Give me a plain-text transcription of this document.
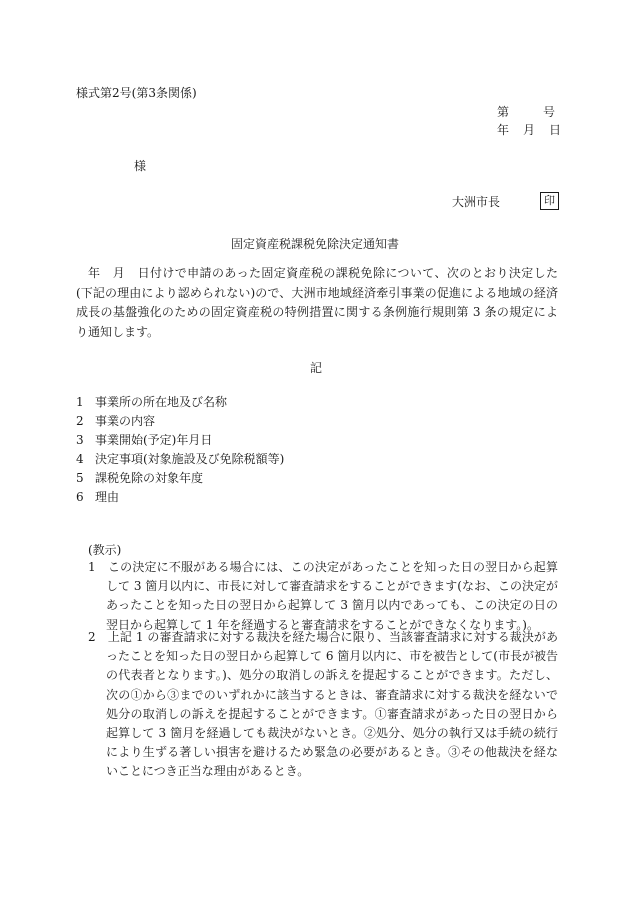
様式第2号(第3条関係)
第	号
年 月 日
様
大洲市長	印
固定資産税課税免除決定通知書
年　月　日付けで申請のあった固定資産税の課税免除について、次のとおり決定した(下記の理由により認められない)ので、大洲市地域経済牽引事業の促進による地域の経済成長の基盤強化のための固定資産税の特例措置に関する条例施行規則第 3 条の規定により通知します。
記
1 事業所の所在地及び名称
2 事業の内容
3 事業開始(予定)年月日
4 決定事項(対象施設及び免除税額等)
5 課税免除の対象年度
6 理由
(教示)

1　 この決定に不服がある場合には、この決定があったことを知った日の翌日から起算して 3 箇月以内に、市長に対して審査請求をすることができます(なお、この決定があったことを知った日の翌日から起算して 3 箇月以内であっても、この決定の日の翌日から起算して 1 年を経過すると審査請求をすることができなくなります。)。

2　 上記 1 の審査請求に対する裁決を経た場合に限り、当該審査請求に対する裁決があったことを知った日の翌日から起算して 6 箇月以内に、市を被告として(市長が被告の代表者となります。)、処分の取消しの訴えを提起することができます。ただし、次の①から③までのいずれかに該当するときは、審査請求に対する裁決を経ないで処分の取消しの訴えを提起することができます。①審査請求があった日の翌日から起算して 3 箇月を経過しても裁決がないとき。②処分、処分の執行又は手続の続行により生ずる著しい損害を避けるため緊急の必要があるとき。③その他裁決を経ないことにつき正当な理由があるとき。
